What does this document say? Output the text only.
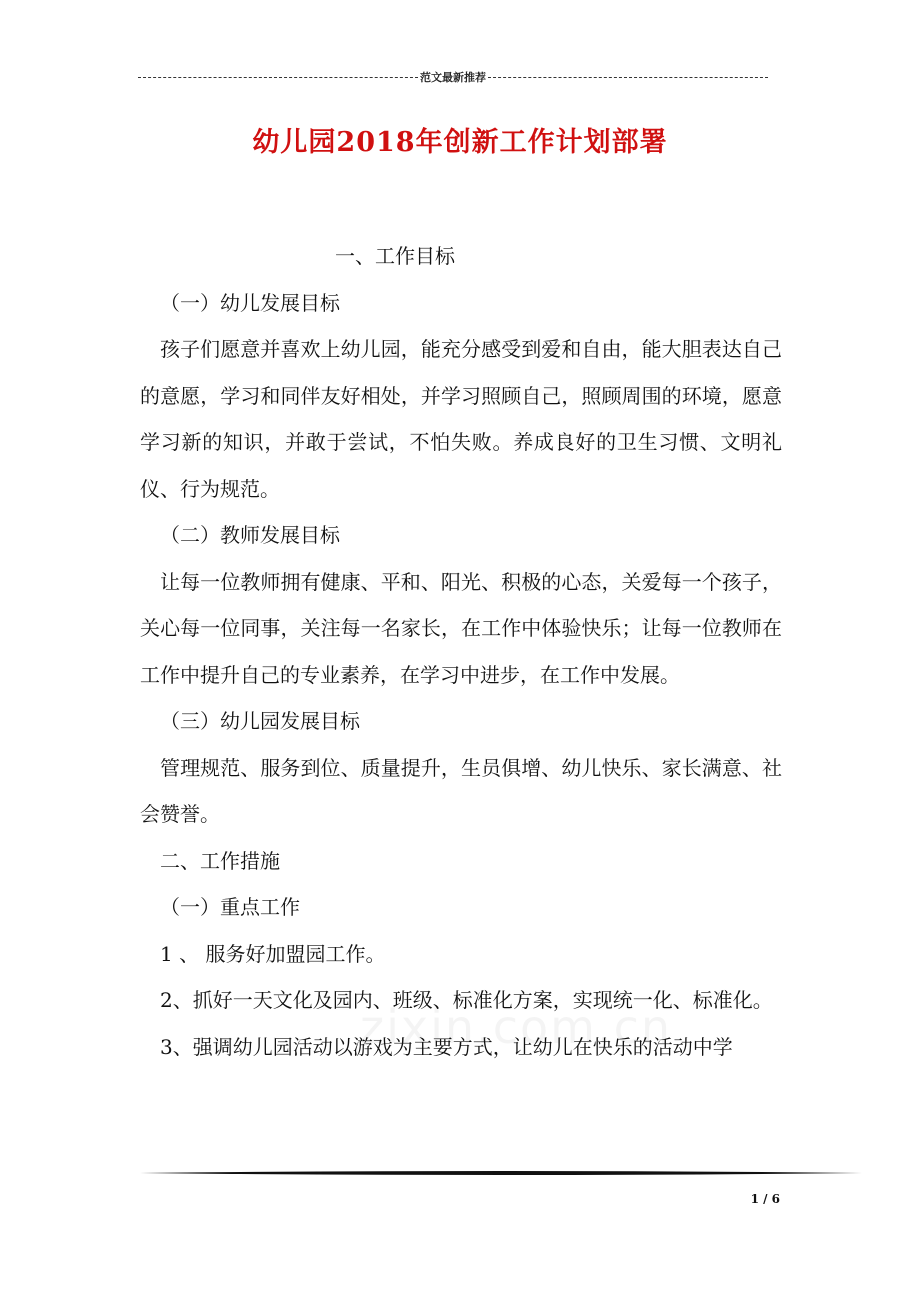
范文最新推荐
幼儿园2018年创新工作计划部署

一、工作目标

（一）幼儿发展目标

孩子们愿意并喜欢上幼儿园，能充分感受到爱和自由，能大胆表达自己的意愿，学习和同伴友好相处，并学习照顾自己，照顾周围的环境，愿意学习新的知识，并敢于尝试，不怕失败。养成良好的卫生习惯、文明礼仪、行为规范。

（二）教师发展目标

让每一位教师拥有健康、平和、阳光、积极的心态，关爱每一个孩子，关心每一位同事，关注每一名家长，在工作中体验快乐；让每一位教师在工作中提升自己的专业素养，在学习中进步，在工作中发展。

（三）幼儿园发展目标

管理规范、服务到位、质量提升，生员俱增、幼儿快乐、家长满意、社会赞誉。

二、工作措施

（一）重点工作

1 、 服务好加盟园工作。

2、抓好一天文化及园内、班级、标准化方案，实现统一化、标准化。

3、强调幼儿园活动以游戏为主要方式，让幼儿在快乐的活动中学

1 / 6
